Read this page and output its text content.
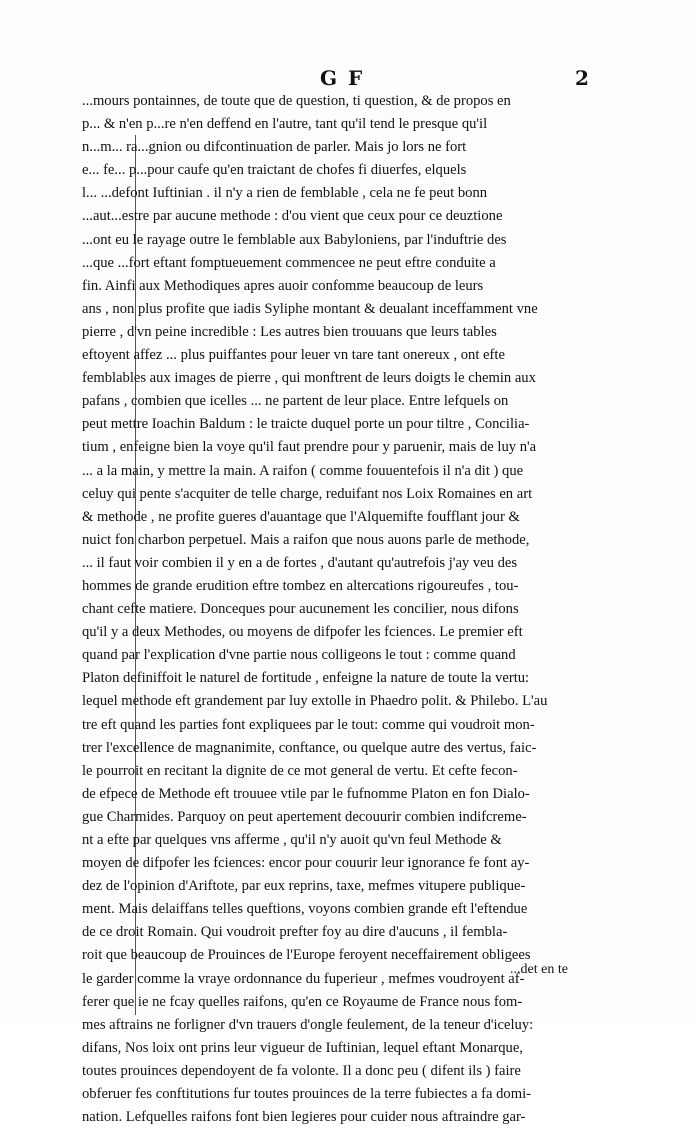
G F	2
...mours pontainnes, de toute que de question, ti question, & de propos en
p... & n'en p...re n'en deffend en l'autre, tant qu'il tend le presque qu'il
n...m... ra...gnion ou difcontinuation de parler. Mais jo lors ne fort
e... fe... p...pour caufe qu'en traictant de chofes fi diuerfes, elquels
l... ...defont Iuftinian . il n'y a rien de femblable , cela ne fe peut bonn
...aut...estre par aucune methode : d'ou vient que ceux pour ce deuztione
...ont eu le rayage outre le femblable aux Babyloniens, par l'induftrie des
...que ...fort eftant fomptueuement commencee ne peut eftre conduite a
fin. Ainfi aux Methodiques apres auoir confomme beaucoup de leurs
ans , non plus profite que iadis Syliphe montant & deualant inceffamment vne
pierre , d'vn peine incredible : Les autres bien trouuans que leurs tables
eftoyent affez ... plus puiffantes pour leuer vn tare tant onereux , ont efte
femblables aux images de pierre , qui monftrent de leurs doigts le chemin aux
pafans , combien que icelles ... ne partent de leur place. Entre lefquels on
peut mettre Ioachin Baldum : le traicte duquel porte un pour tiltre , Concilia-
tium , enfeigne bien la voye qu'il faut prendre pour y paruenir, mais de luy n'a
... a la main, y mettre la main. A raifon ( comme fouuentefois il n'a dit ) que
celuy qui pente s'acquiter de telle charge, reduifant nos Loix Romaines en art
& methode , ne profite gueres d'auantage que l'Alquemifte foufflant jour &
nuict fon charbon perpetuel. Mais a raifon que nous auons parle de methode,
... il faut voir combien il y en a de fortes , d'autant qu'autrefois j'ay veu des
hommes de grande erudition eftre tombez en altercations rigoureufes , tou-
chant cefte matiere. Donceques pour aucunement les concilier, nous difons
qu'il y a deux Methodes, ou moyens de difpofer les fciences. Le premier eft
quand par l'explication d'vne partie nous colligeons le tout : comme quand
Platon definiffoit le naturel de fortitude , enfeigne la nature de toute la vertu:
lequel methode eft grandement par luy extolle in Phaedro polit. & Philebo. L'au
tre eft quand les parties font expliquees par le tout: comme qui voudroit mon-
trer l'excellence de magnanimite, conftance, ou quelque autre des vertus, faic-
le pourroit en recitant la dignite de ce mot general de vertu. Et cefte fecon-
de efpece de Methode eft trouuee vtile par le fufnomme Platon en fon Dialo-
gue Charmides. Parquoy on peut apertement decouurir combien indifcreme-
nt a efte par quelques vns afferme , qu'il n'y auoit qu'vn feul Methode &
moyen de difpofer les fciences: encor pour couurir leur ignorance fe font ay-
dez de l'opinion d'Ariftote, par eux reprins, taxe, mefmes vitupere publique-
ment. Mais delaiffans telles queftions, voyons combien grande eft l'eftendue
de ce droit Romain. Qui voudroit prefter foy au dire d'aucuns , il fembla-
roit que beaucoup de Prouinces de l'Europe feroyent neceffairement obligees
le garder comme la vraye ordonnance du fuperieur , mefmes voudroyent af-
ferer que ie ne fcay quelles raifons, qu'en ce Royaume de France nous fom-
mes aftrains ne forligner d'vn trauers d'ongle feulement, de la teneur d'iceluy:
difans, Nos loix ont prins leur vigueur de Iuftinian, lequel eftant Monarque,
toutes prouinces dependoyent de fa volonte. Il a donc peu ( difent ils ) faire
obferuer fes conftitutions fur toutes prouinces de la terre fubiectes a fa domi-
nation. Lefquelles raifons font bien legieres pour cuider nous aftraindre gar-
...det en te
